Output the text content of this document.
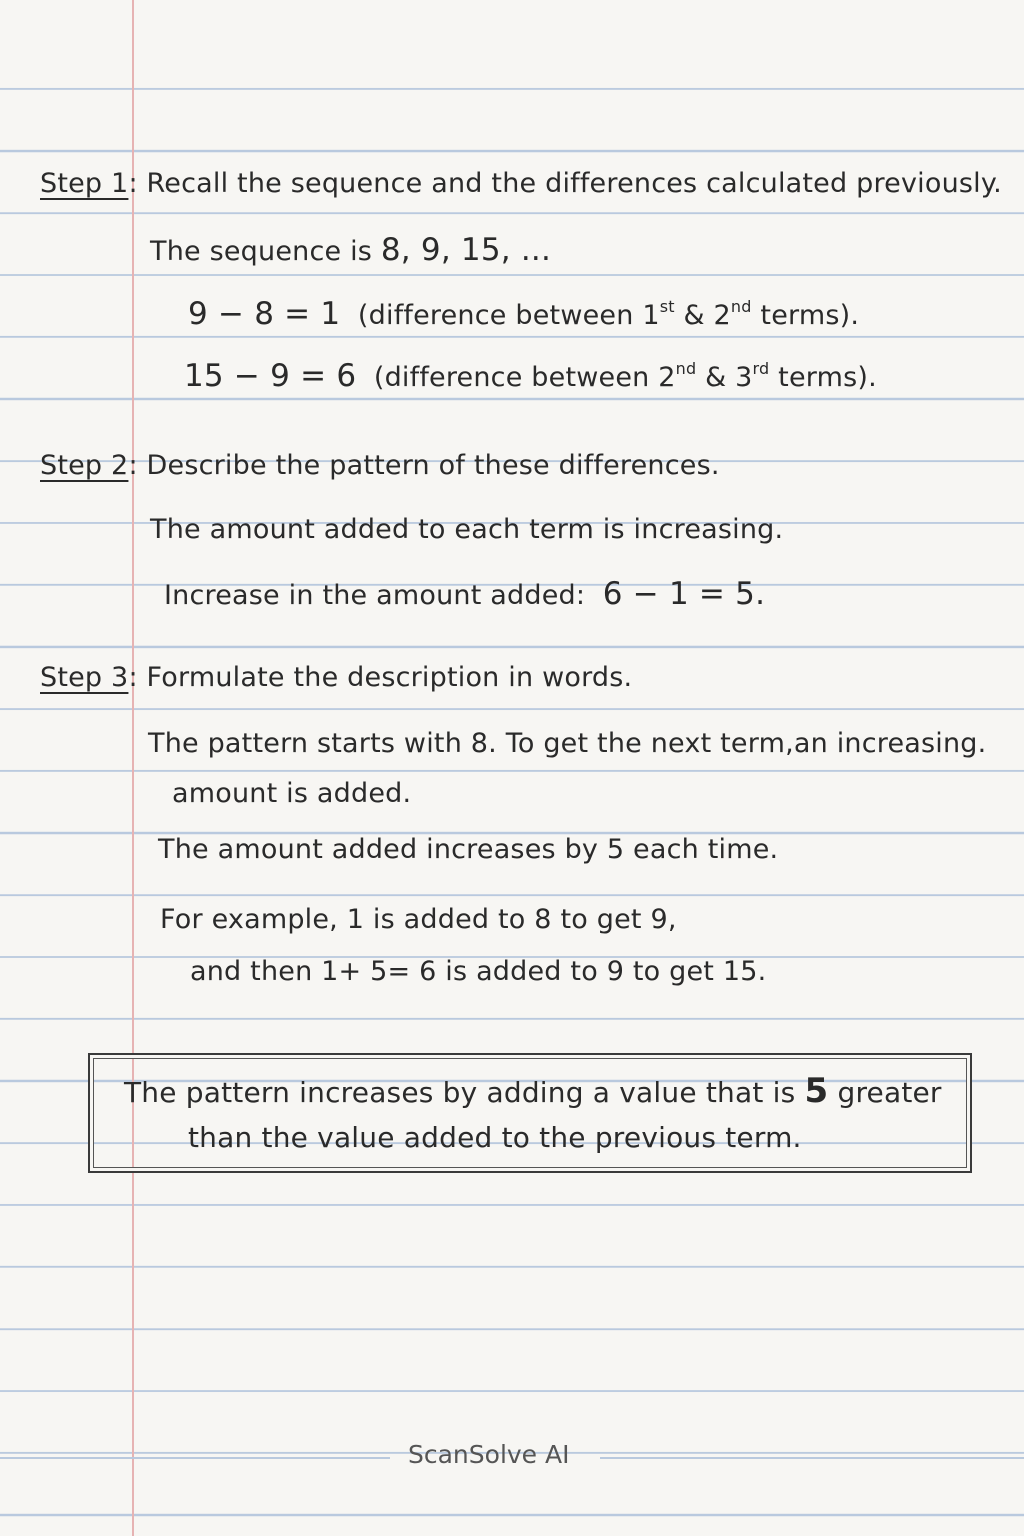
Step 1: Recall the sequence and the differences calculated previously.
The sequence is 8, 9, 15, ...
9 − 8 = 1 (difference between 1st & 2nd terms).
15 − 9 = 6 (difference between 2nd & 3rd terms).
Step 2: Describe the pattern of these differences.
The amount added to each term is increasing.
Increase in the amount added: 6 − 1 = 5.
Step 3: Formulate the description in words.
The pattern starts with 8. To get the next term,an increasing.
amount is added.
The amount added increases by 5 each time.
For example, 1 is added to 8 to get 9,
and then 1+ 5= 6 is added to 9 to get 15.
The pattern increases by adding a value that is 5 greater
than the value added to the previous term.
ScanSolve AI
